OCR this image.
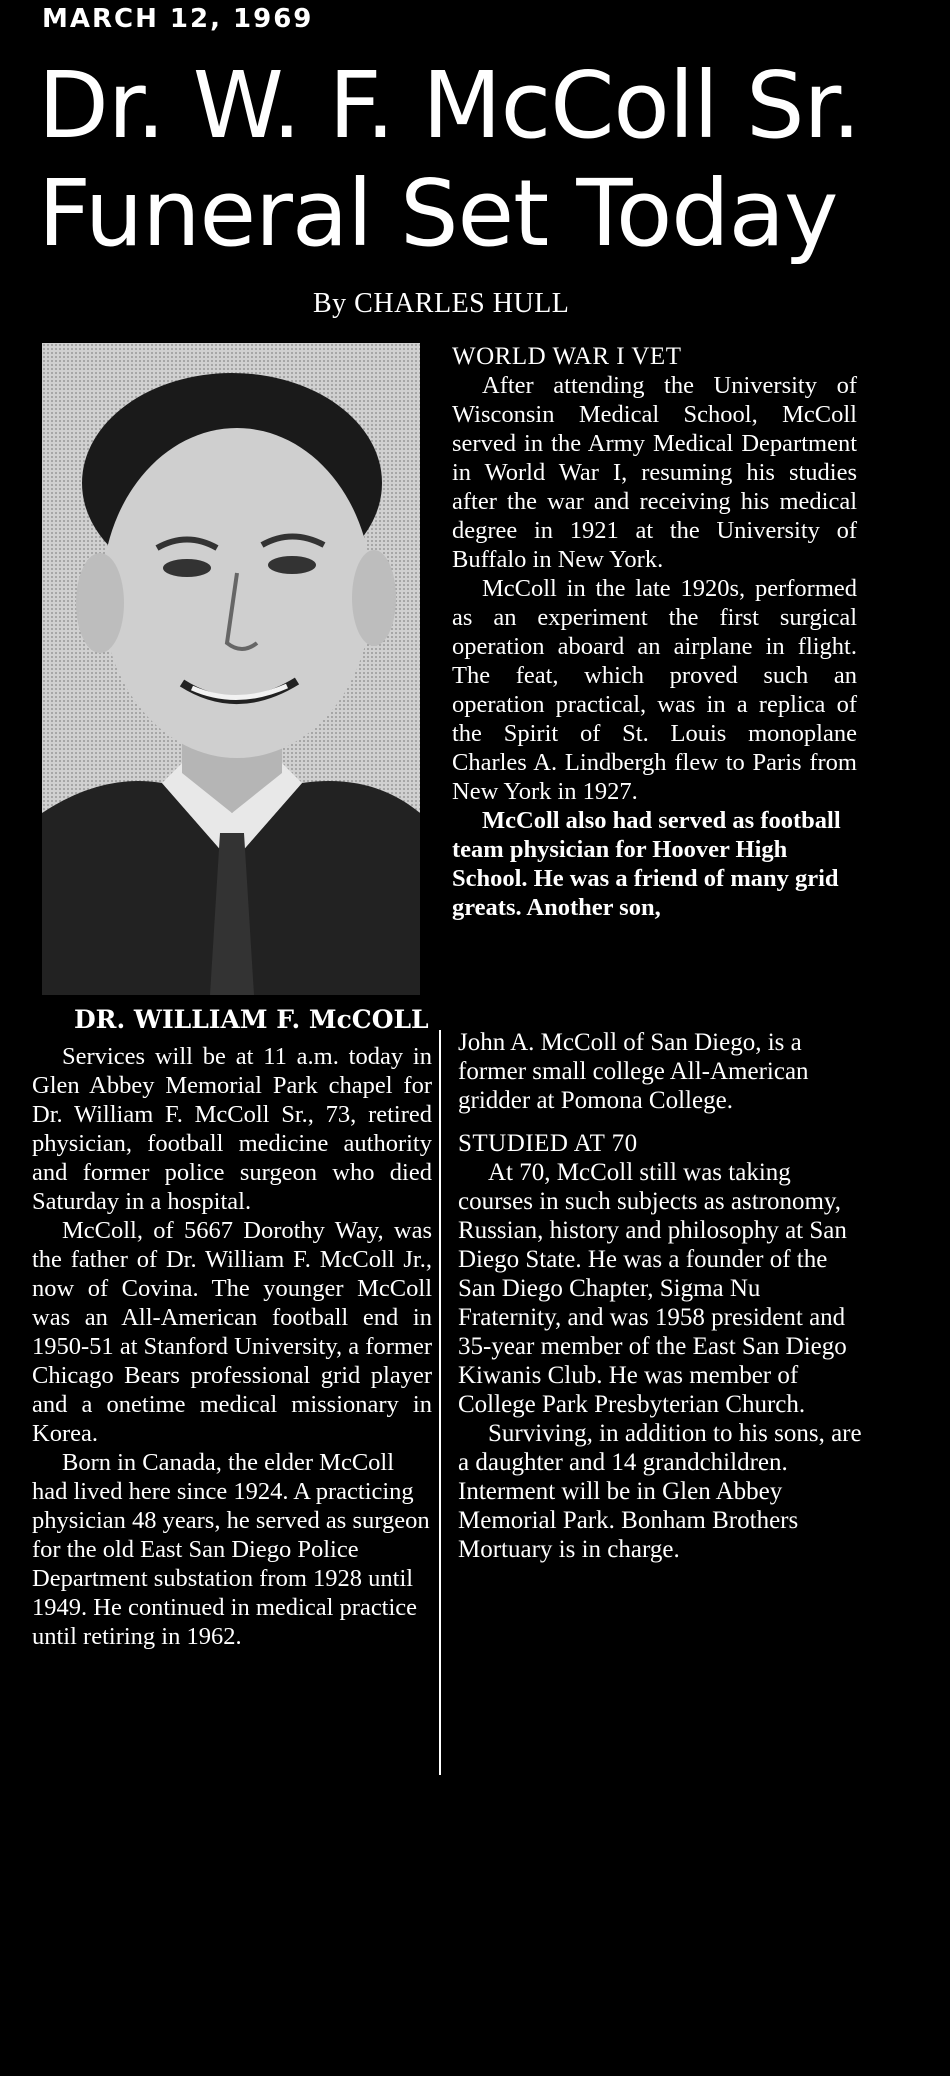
MARCH 12, 1969
Dr. W. F. McColl Sr.
Funeral Set Today
By CHARLES HULL
DR. WILLIAM F. McCOLL

Services will be at 11 a.m. today in Glen Abbey Memorial Park chapel for Dr. William F. McColl Sr., 73, retired physician, football medicine authority and former police surgeon who died Saturday in a hospital.

McColl, of 5667 Dorothy Way, was the father of Dr. William F. McColl Jr., now of Covina. The younger McColl was an All-American football end in 1950-51 at Stanford University, a former Chicago Bears professional grid player and a onetime medical missionary in Korea.

Born in Canada, the elder McColl had lived here since 1924. A practicing physician 48 years, he served as surgeon for the old East San Diego Police Department substation from 1928 until 1949. He continued in medical practice until retiring in 1962.

WORLD WAR I VET

After attending the University of Wisconsin Medical School, McColl served in the Army Medical Department in World War I, resuming his studies after the war and receiving his medical degree in 1921 at the University of Buffalo in New York.

McColl in the late 1920s, performed as an experiment the first surgical operation aboard an airplane in flight. The feat, which proved such an operation practical, was in a replica of the Spirit of St. Louis monoplane Charles A. Lindbergh flew to Paris from New York in 1927.

McColl also had served as football team physician for Hoover High School. He was a friend of many grid greats. Another son,

John A. McColl of San Diego, is a former small college All-American gridder at Pomona College.

STUDIED AT 70

At 70, McColl still was taking courses in such subjects as astronomy, Russian, history and philosophy at San Diego State. He was a founder of the San Diego Chapter, Sigma Nu Fraternity, and was 1958 president and 35-year member of the East San Diego Kiwanis Club. He was member of College Park Presbyterian Church.

Surviving, in addition to his sons, are a daughter and 14 grandchildren. Interment will be in Glen Abbey Memorial Park. Bonham Brothers Mortuary is in charge.
